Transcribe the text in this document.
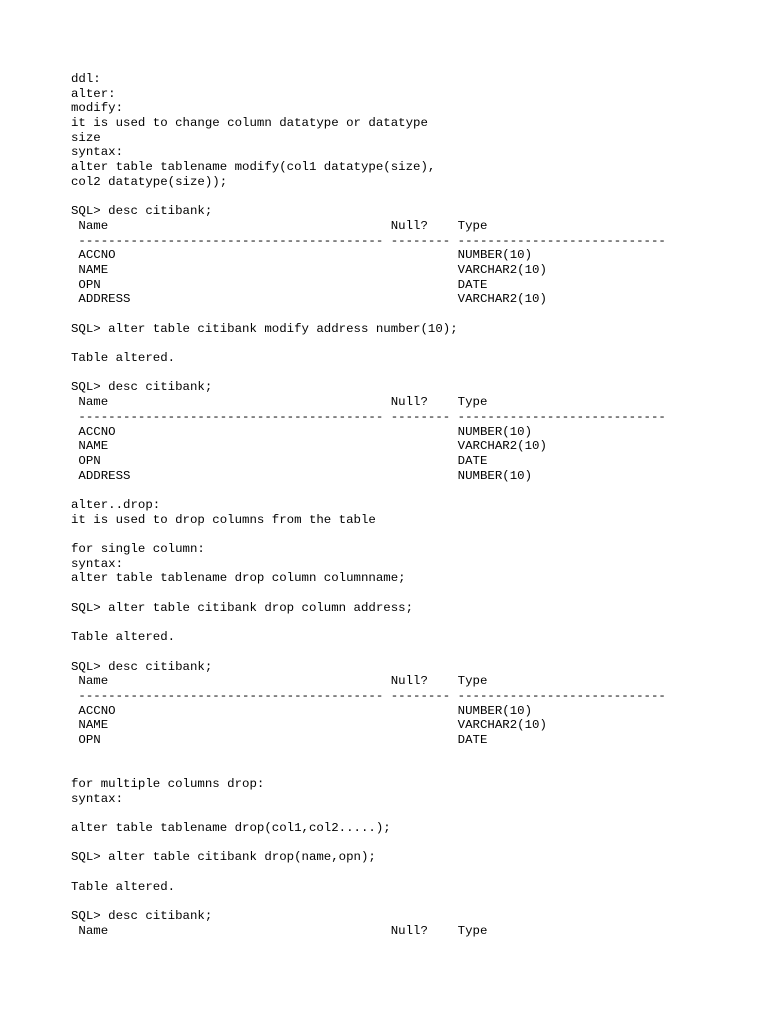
ddl:
alter:
modify:
it is used to change column datatype or datatype
size
syntax:
alter table tablename modify(col1 datatype(size),
col2 datatype(size));
SQL> desc citibank;
Name                                      Null?    Type
----------------------------------------- -------- ----------------------------
ACCNO                                              NUMBER(10)
NAME                                               VARCHAR2(10)
OPN                                                DATE
ADDRESS                                            VARCHAR2(10)
SQL> alter table citibank modify address number(10);
Table altered.
SQL> desc citibank;
Name                                      Null?    Type
----------------------------------------- -------- ----------------------------
ACCNO                                              NUMBER(10)
NAME                                               VARCHAR2(10)
OPN                                                DATE
ADDRESS                                            NUMBER(10)
alter..drop:
it is used to drop columns from the table
for single column:
syntax:
alter table tablename drop column columnname;
SQL> alter table citibank drop column address;
Table altered.
SQL> desc citibank;
Name                                      Null?    Type
----------------------------------------- -------- ----------------------------
ACCNO                                              NUMBER(10)
NAME                                               VARCHAR2(10)
OPN                                                DATE
for multiple columns drop:
syntax:
alter table tablename drop(col1,col2.....);
SQL> alter table citibank drop(name,opn);
Table altered.
SQL> desc citibank;
Name                                      Null?    Type
